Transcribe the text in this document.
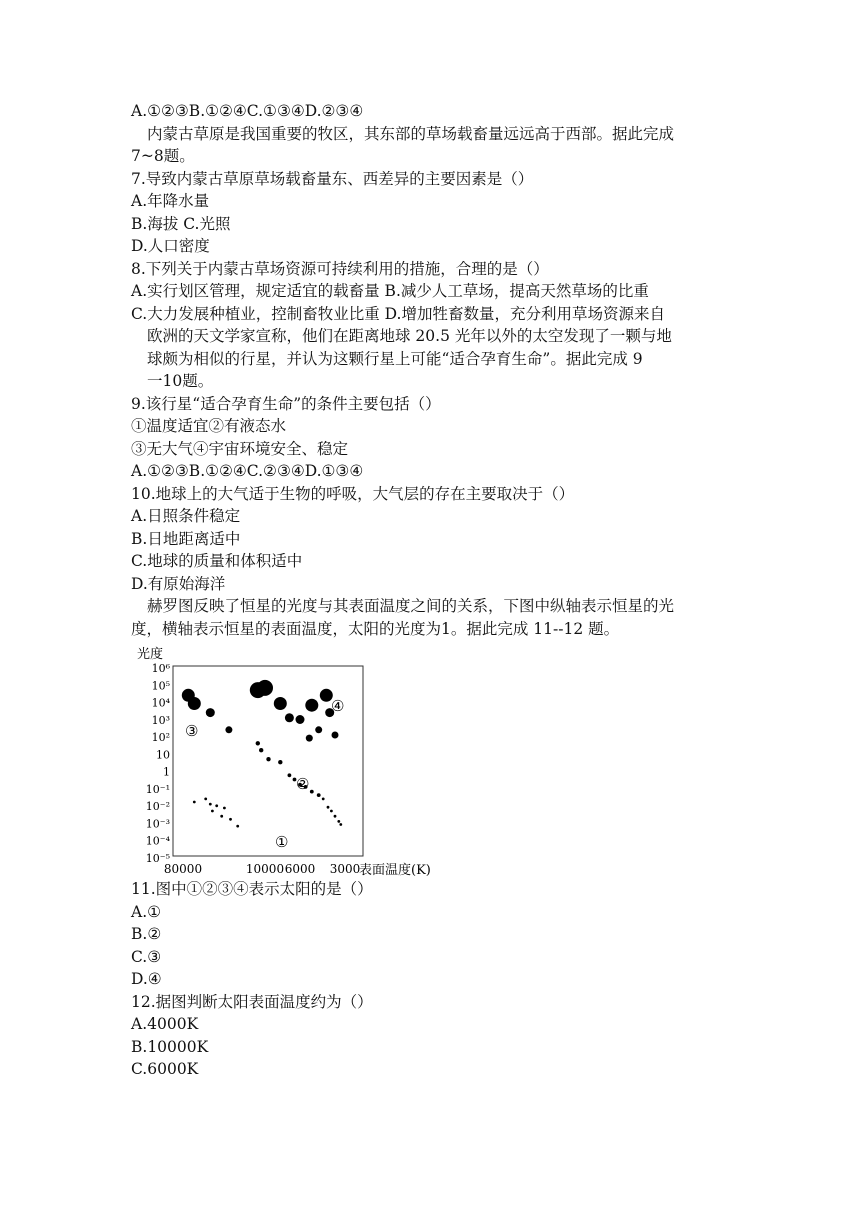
A.①②③B.①②④C.①③④D.②③④
内蒙古草原是我国重要的牧区，其东部的草场载畜量远远高于西部。据此完成
7~8题。
7.导致内蒙古草原草场载畜量东、西差异的主要因素是（）
A.年降水量
B.海拔 C.光照
D.人口密度
8.下列关于内蒙古草场资源可持续利用的措施，合理的是（）
A.实行划区管理，规定适宜的载畜量 B.减少人工草场，提高天然草场的比重
C.大力发展种植业，控制畜牧业比重 D.增加牲畜数量，充分利用草场资源来自
欧洲的天文学家宣称，他们在距离地球 20.5 光年以外的太空发现了一颗与地
球颇为相似的行星，并认为这颗行星上可能“适合孕育生命”。据此完成 9
一10题。
9.该行星“适合孕育生命”的条件主要包括（）
①温度适宜②有液态水
③无大气④宇宙环境安全、稳定
A.①②③B.①②④C.②③④D.①③④
10.地球上的大气适于生物的呼吸，大气层的存在主要取决于（）
A.日照条件稳定
B.日地距离适中
C.地球的质量和体积适中
D.有原始海洋
赫罗图反映了恒星的光度与其表面温度之间的关系，下图中纵轴表示恒星的光
度，横轴表示恒星的表面温度，太阳的光度为1。据此完成 11--12 题。
光度
10⁶
10⁵
10⁴
10³
10²
10
1
10⁻¹
10⁻²
10⁻³
10⁻⁴
10⁻⁵
80000	10000 6000 3000
表面温度(K)
①
②
③
④
11.图中①②③④表示太阳的是（）
A.①
B.②
C.③
D.④
12.据图判断太阳表面温度约为（）
A.4000K
B.10000K
C.6000K
